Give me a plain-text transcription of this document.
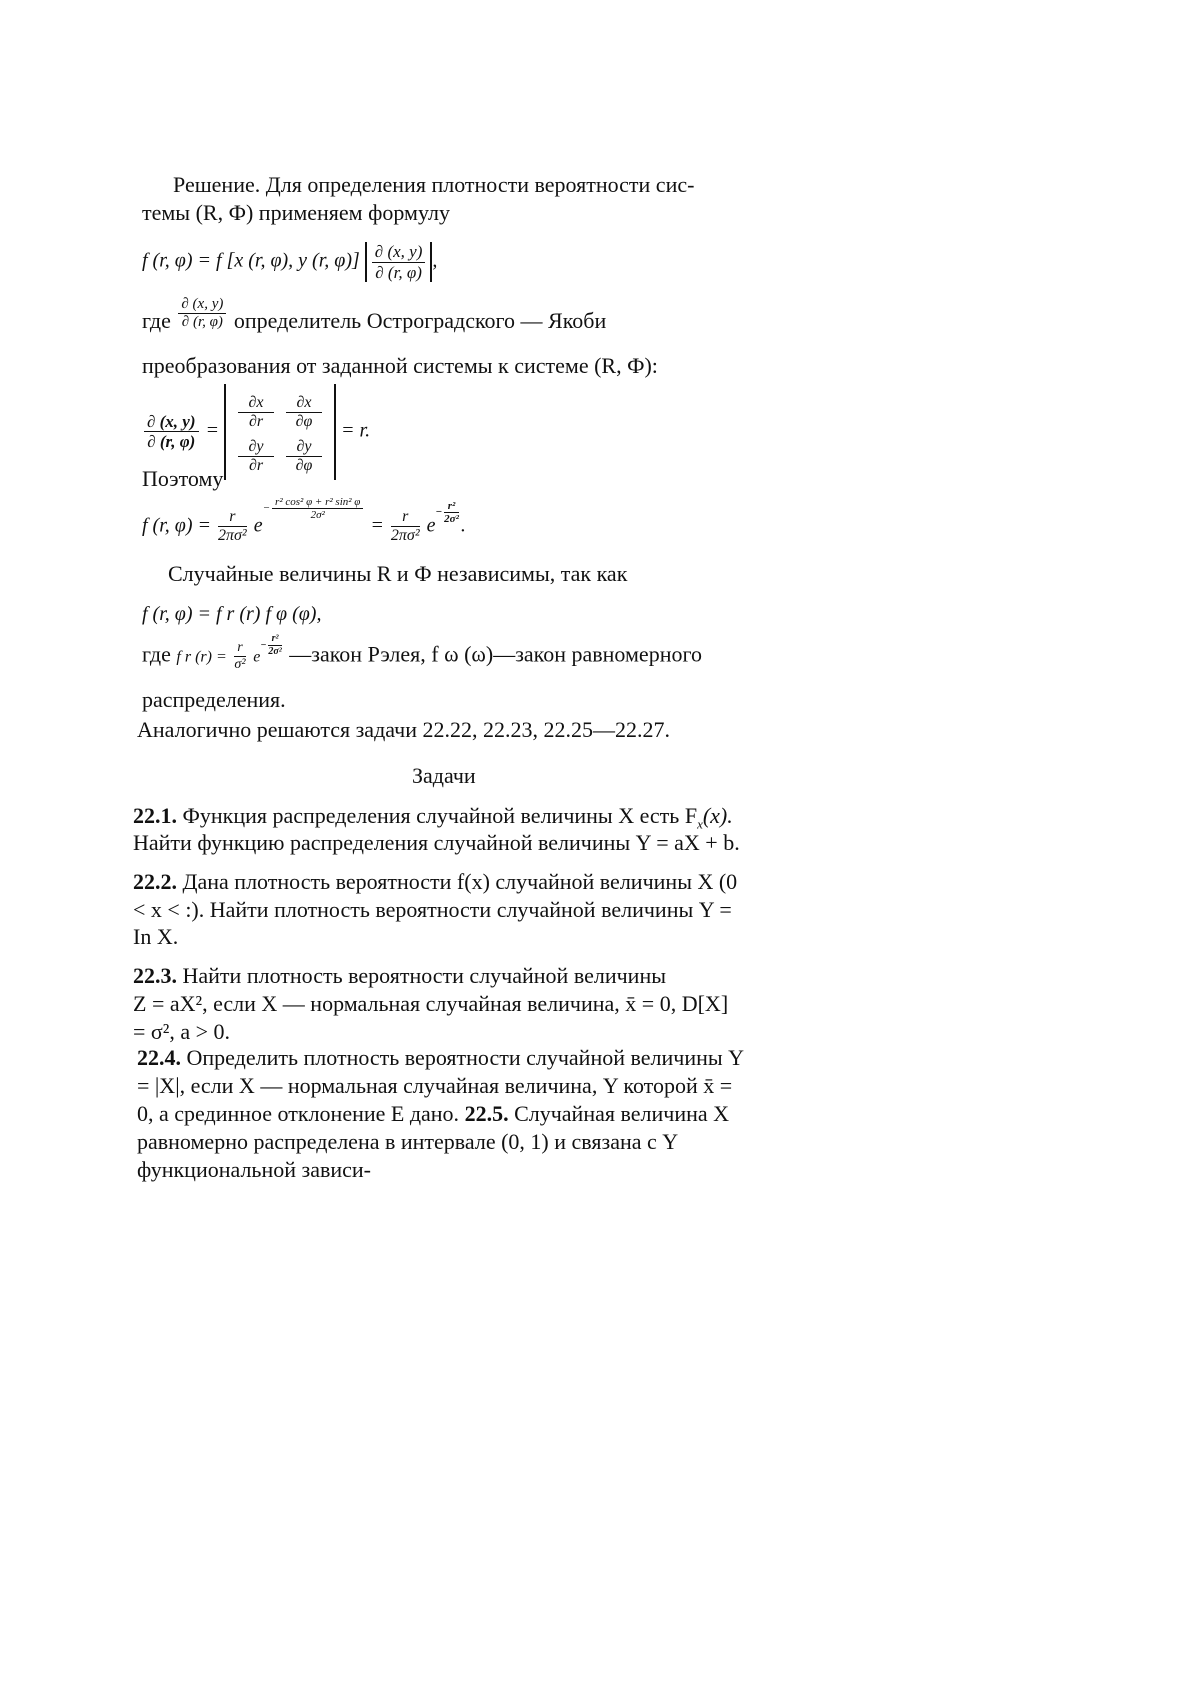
Решение. Для определения плотности вероятности сис-
темы (R, Ф) применяем формулу
f (r, φ) = f [x (r, φ), y (r, $\varphi)] \frac{\partial (x, y)}{\partial (r, \varphi)}$ ,
где $\frac{\partial (x, y)}{\partial (r, \varphi)}$ определитель Остроградского — Якоби
преобразования от заданной системы к системе (R, Ф):
$\frac{\partial (x, y)}{\partial (r, \varphi)} = \frac{\partial x}{\partial r} \frac{\partial x}{\partial\varphi}$
$\frac{\partial y}{\partial r} \frac{\partial y}{\partial\varphi}$
= r.
Поэтому
f (r, $\varphi) = \frac{r}{\text{2πσ²}} e^{- \frac{\text{r² cos² φ + r² sin² φ}}{\text{2σ²}}}$
= $\frac{r}{\text{2πσ²}} e^{- \frac{\text{r²}}{\text{2σ²}}}$ .
Случайные величины R и Ф независимы, так как
f (r, φ) = f r (r) f φ (φ),
где f r $(r) = \frac{r}{\text{σ²}} e^{- \frac{\text{r²}}{\text{2σ²}}}$ —закон Рэлея, f ω (ω)—закон равномерного
распределения.
Аналогично решаются задачи 22.22, 22.23, 22.25—22.27.
Задачи
22.1. Функция распределения случайной величины X есть $F_x(x)$.
Найти функцию распределения случайной величины Y = aX + b.
22.2. Дана плотность вероятности f(x) случайной величины X (0
< x < :). Найти плотность вероятности случайной величины Y =
In X.
22.3. Найти плотность вероятности случайной величины
Z = aX², если X — нормальная случайная величина, x̄ = 0, D[X]
= σ², a > 0.
22.4. Определить плотность вероятности случайной величины Y
= |X|, если X — нормальная случайная величина, Y которой x̄ =
0, а срединное отклонение E дано. 22.5. Случайная величина X
равномерно распределена в интервале (0, 1) и связана с Y
функциональной зависи-
